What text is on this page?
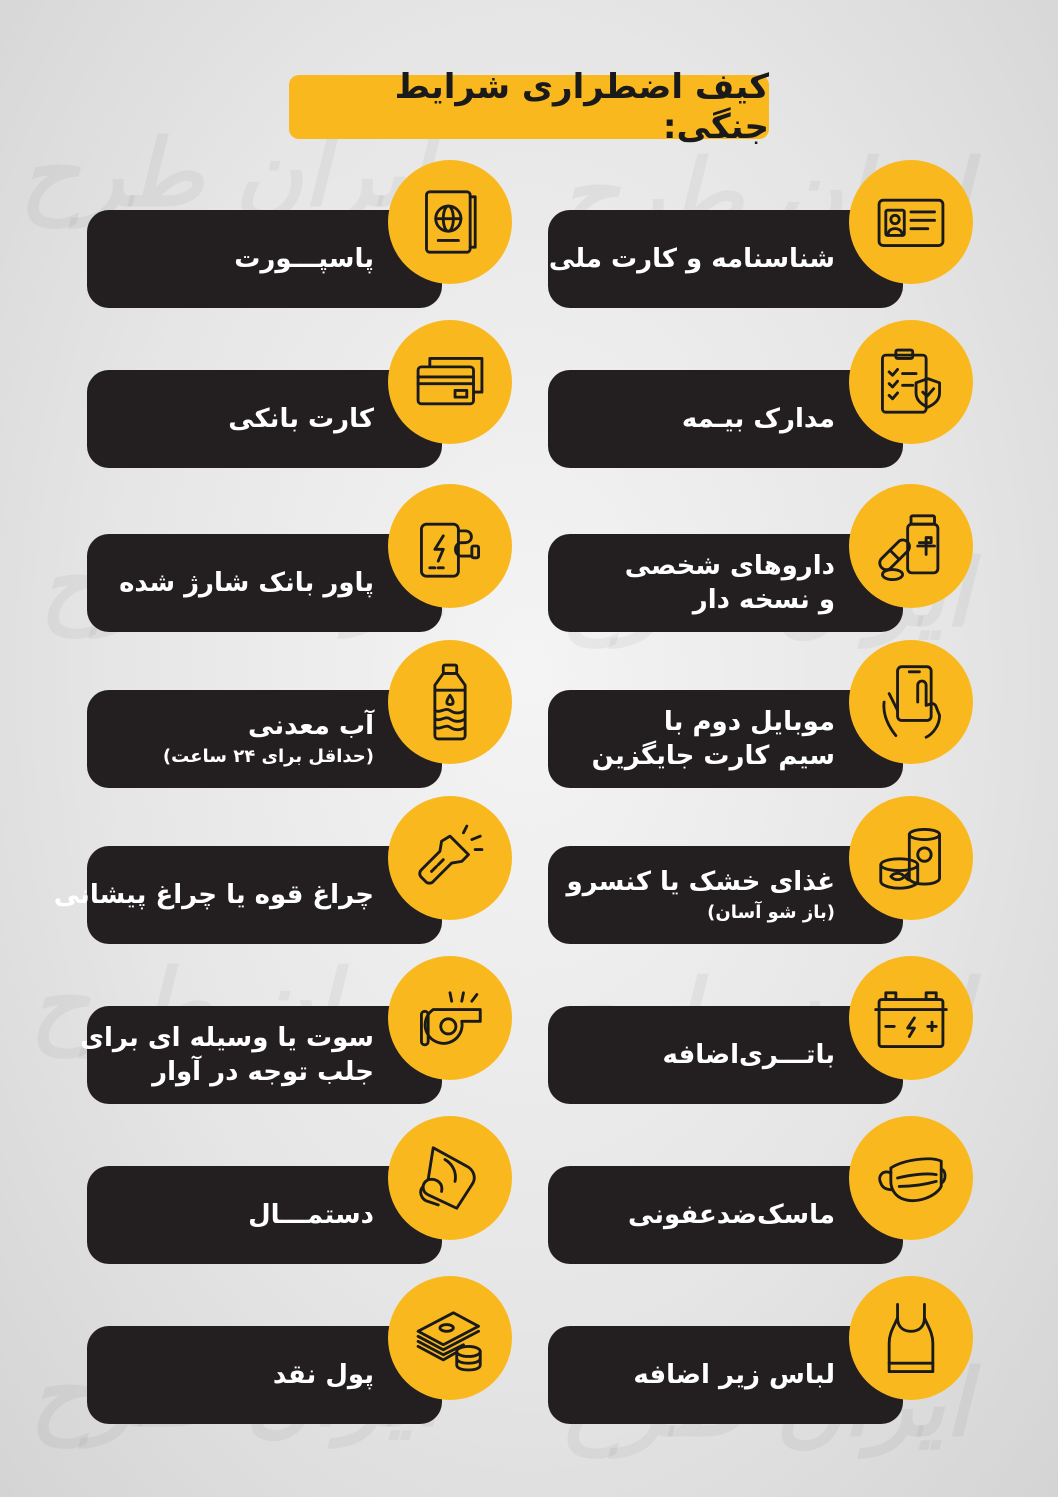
کیف اضطراری شرایط جنگی:
شناسنامه و کارت ملی
پاسپـــورت
مدارک بیـمه
کارت بانکی
داروهای شخصی
و نسخه دار
پاور بانک شارژ شده
موبایل دوم با
سیم کارت جایگزین
آب معدنی
(حداقل برای ۲۴ ساعت)
غذای خشک یا کنسرو
(باز شو آسان)
چراغ قوه یا چراغ پیشانی
باتـــری‌اضافه
سوت یا وسیله ای برای
جلب توجه در آوار
ماسک‌ضدعفونی
دستمـــال
لباس زیر اضافه
پول نقد
